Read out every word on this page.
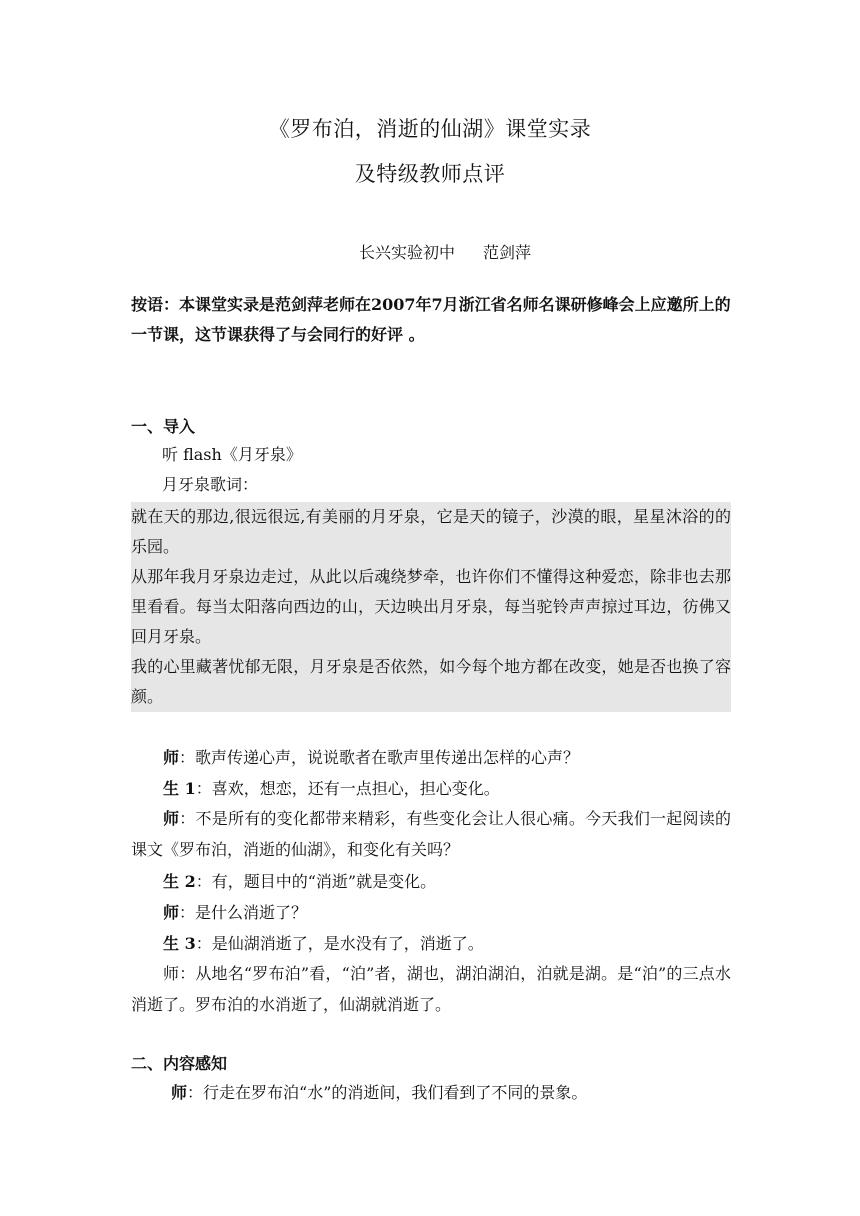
《罗布泊，消逝的仙湖》课堂实录
及特级教师点评
长兴实验初中 范剑萍
按语：本课堂实录是范剑萍老师在2007年7月浙江省名师名课研修峰会上应邀所上的一节课，这节课获得了与会同行的好评 。
一、导入
听 flash《月牙泉》
月牙泉歌词：
就在天的那边,很远很远,有美丽的月牙泉，它是天的镜子，沙漠的眼，星星沐浴的的乐园。
从那年我月牙泉边走过，从此以后魂绕梦牵，也许你们不懂得这种爱恋，除非也去那里看看。每当太阳落向西边的山，天边映出月牙泉，每当驼铃声声掠过耳边，彷佛又回月牙泉。
我的心里藏著忧郁无限，月牙泉是否依然，如今每个地方都在改变，她是否也换了容颜。
师：歌声传递心声，说说歌者在歌声里传递出怎样的心声？
生 1：喜欢，想恋，还有一点担心，担心变化。
师：不是所有的变化都带来精彩，有些变化会让人很心痛。今天我们一起阅读的课文《罗布泊，消逝的仙湖》，和变化有关吗？
生 2：有，题目中的“消逝”就是变化。
师：是什么消逝了？
生 3：是仙湖消逝了，是水没有了，消逝了。
师：从地名“罗布泊”看，“泊”者，湖也，湖泊湖泊，泊就是湖。是“泊”的三点水消逝了。罗布泊的水消逝了，仙湖就消逝了。
二、内容感知
师：行走在罗布泊“水”的消逝间，我们看到了不同的景象。
